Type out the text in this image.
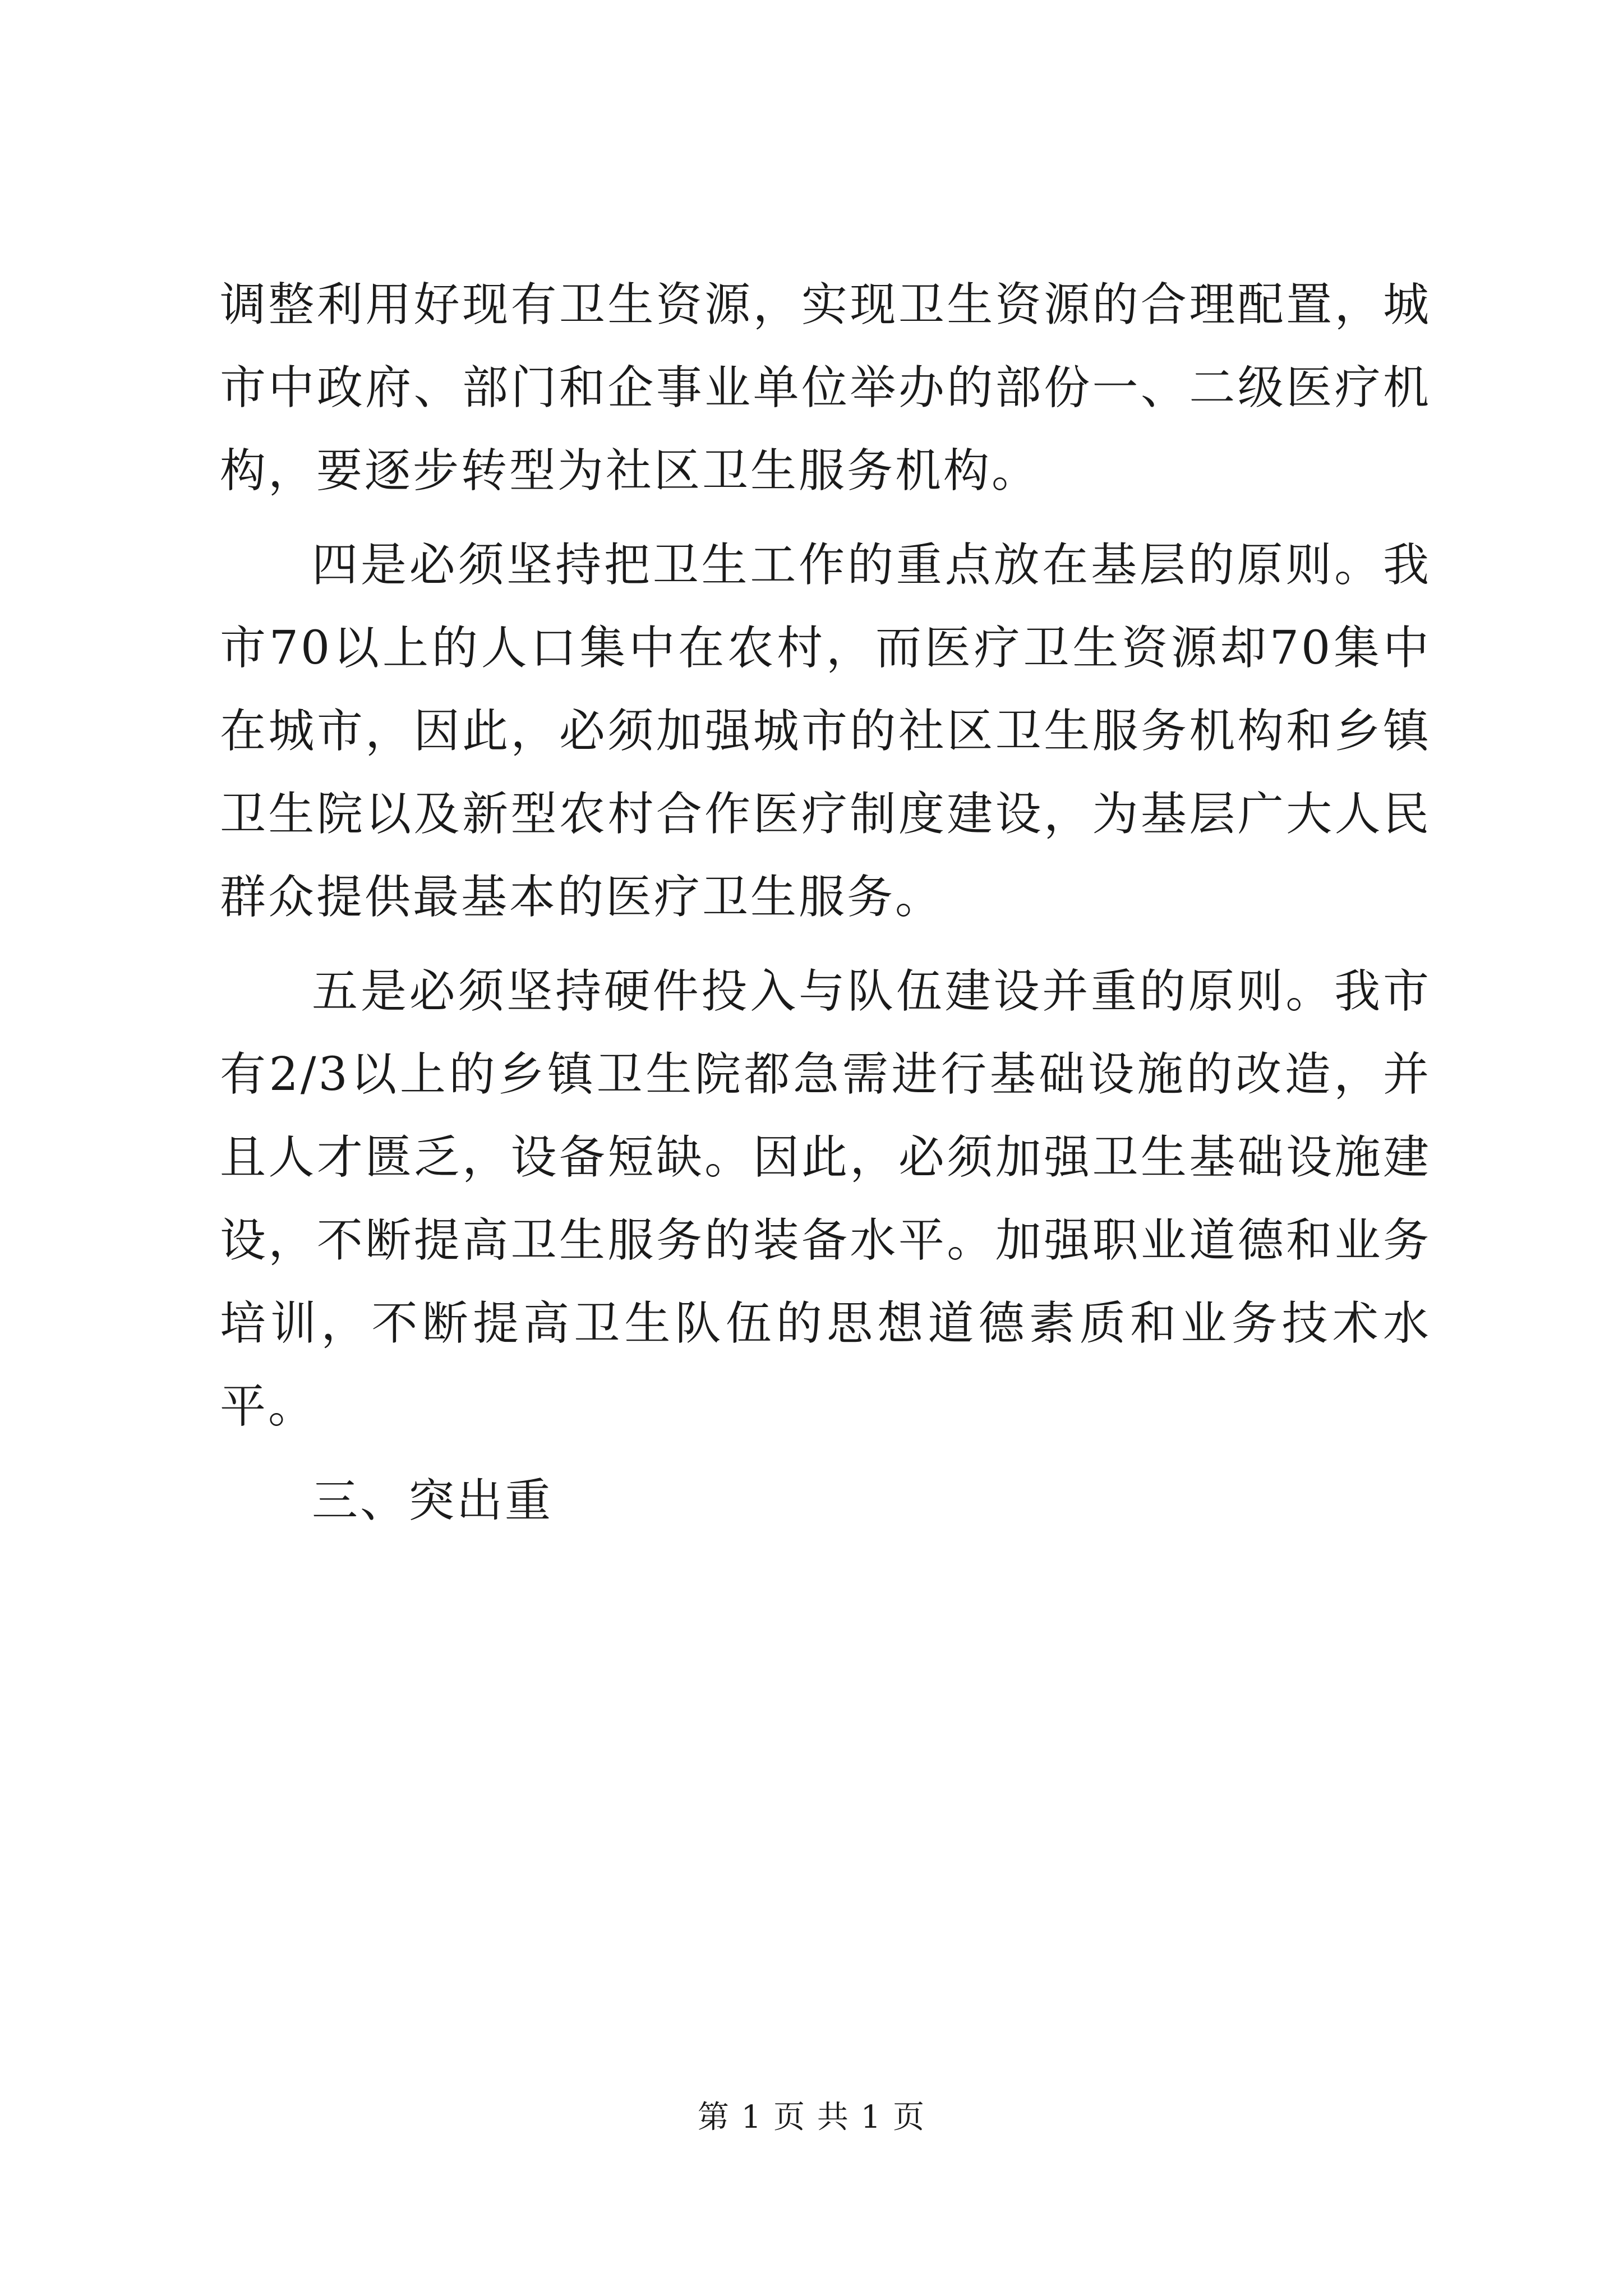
调整利用好现有卫生资源，实现卫生资源的合理配置，城市中政府、部门和企事业单位举办的部份一、二级医疗机构，要逐步转型为社区卫生服务机构。

四是必须坚持把卫生工作的重点放在基层的原则。我市70以上的人口集中在农村，而医疗卫生资源却70集中在城市，因此，必须加强城市的社区卫生服务机构和乡镇卫生院以及新型农村合作医疗制度建设，为基层广大人民群众提供最基本的医疗卫生服务。

五是必须坚持硬件投入与队伍建设并重的原则。我市有2/3以上的乡镇卫生院都急需进行基础设施的改造，并且人才匮乏，设备短缺。因此，必须加强卫生基础设施建设，不断提高卫生服务的装备水平。加强职业道德和业务培训，不断提高卫生队伍的思想道德素质和业务技术水平。

三、突出重

第 1 页 共 1 页
